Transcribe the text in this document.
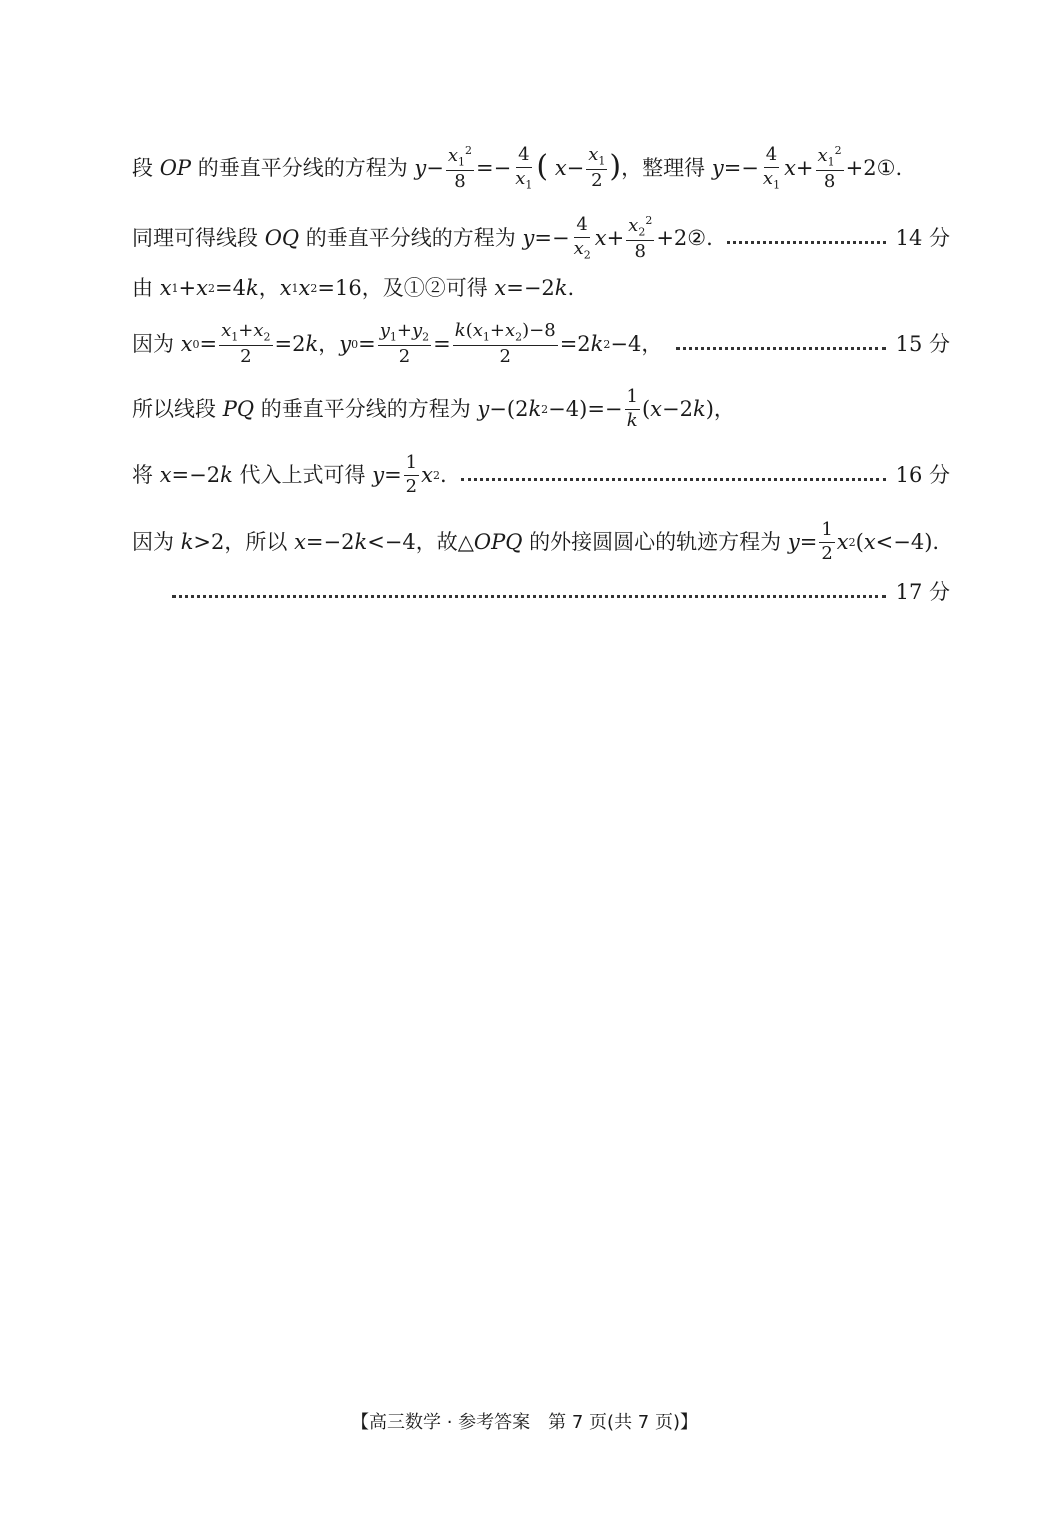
段 OP 的垂直平分线的方程为 $y - \frac{x_1^2}{8} =- \frac{4}{x_1}$ (
$x - \frac{x_1}{2}$ ) ，整理得 $y =- \frac{4}{x_1}$ $x + \frac{x_1^2}{8}$ +2①.
同理可得线段 OQ 的垂直平分线的方程为 $y =- \frac{4}{x_2}$ $x + \frac{x_2^2}{8}$ +2②.	14 分
由 x 1 + x 2 =4 k ， x 1 x 2 =16，及①②可得 x =−2 k .
因为 x $0 = \frac{x_1+x_2}{2} =2$ k ， y $0 = \frac{y_1+y_2}{2} = \frac{k(x_1+x_2)-8}{2} =2$ k 2 −4，	15 分
所以线段 PQ 的垂直平分线的方程为 y −(2 k $2 -4)=- \frac{1}{k}$ ( x −2 k )，
将 x =−2 k 代入上式可得 $y = \frac{1}{2}$ x 2 .	16 分
因为 k >2，所以 x =−2 k <−4，故△ OPQ 的外接圆圆心的轨迹方程为 $y = \frac{1}{2}$ x 2 ( x <−4).
17 分
【高三数学 · 参考答案　第 7 页(共 7 页)】
